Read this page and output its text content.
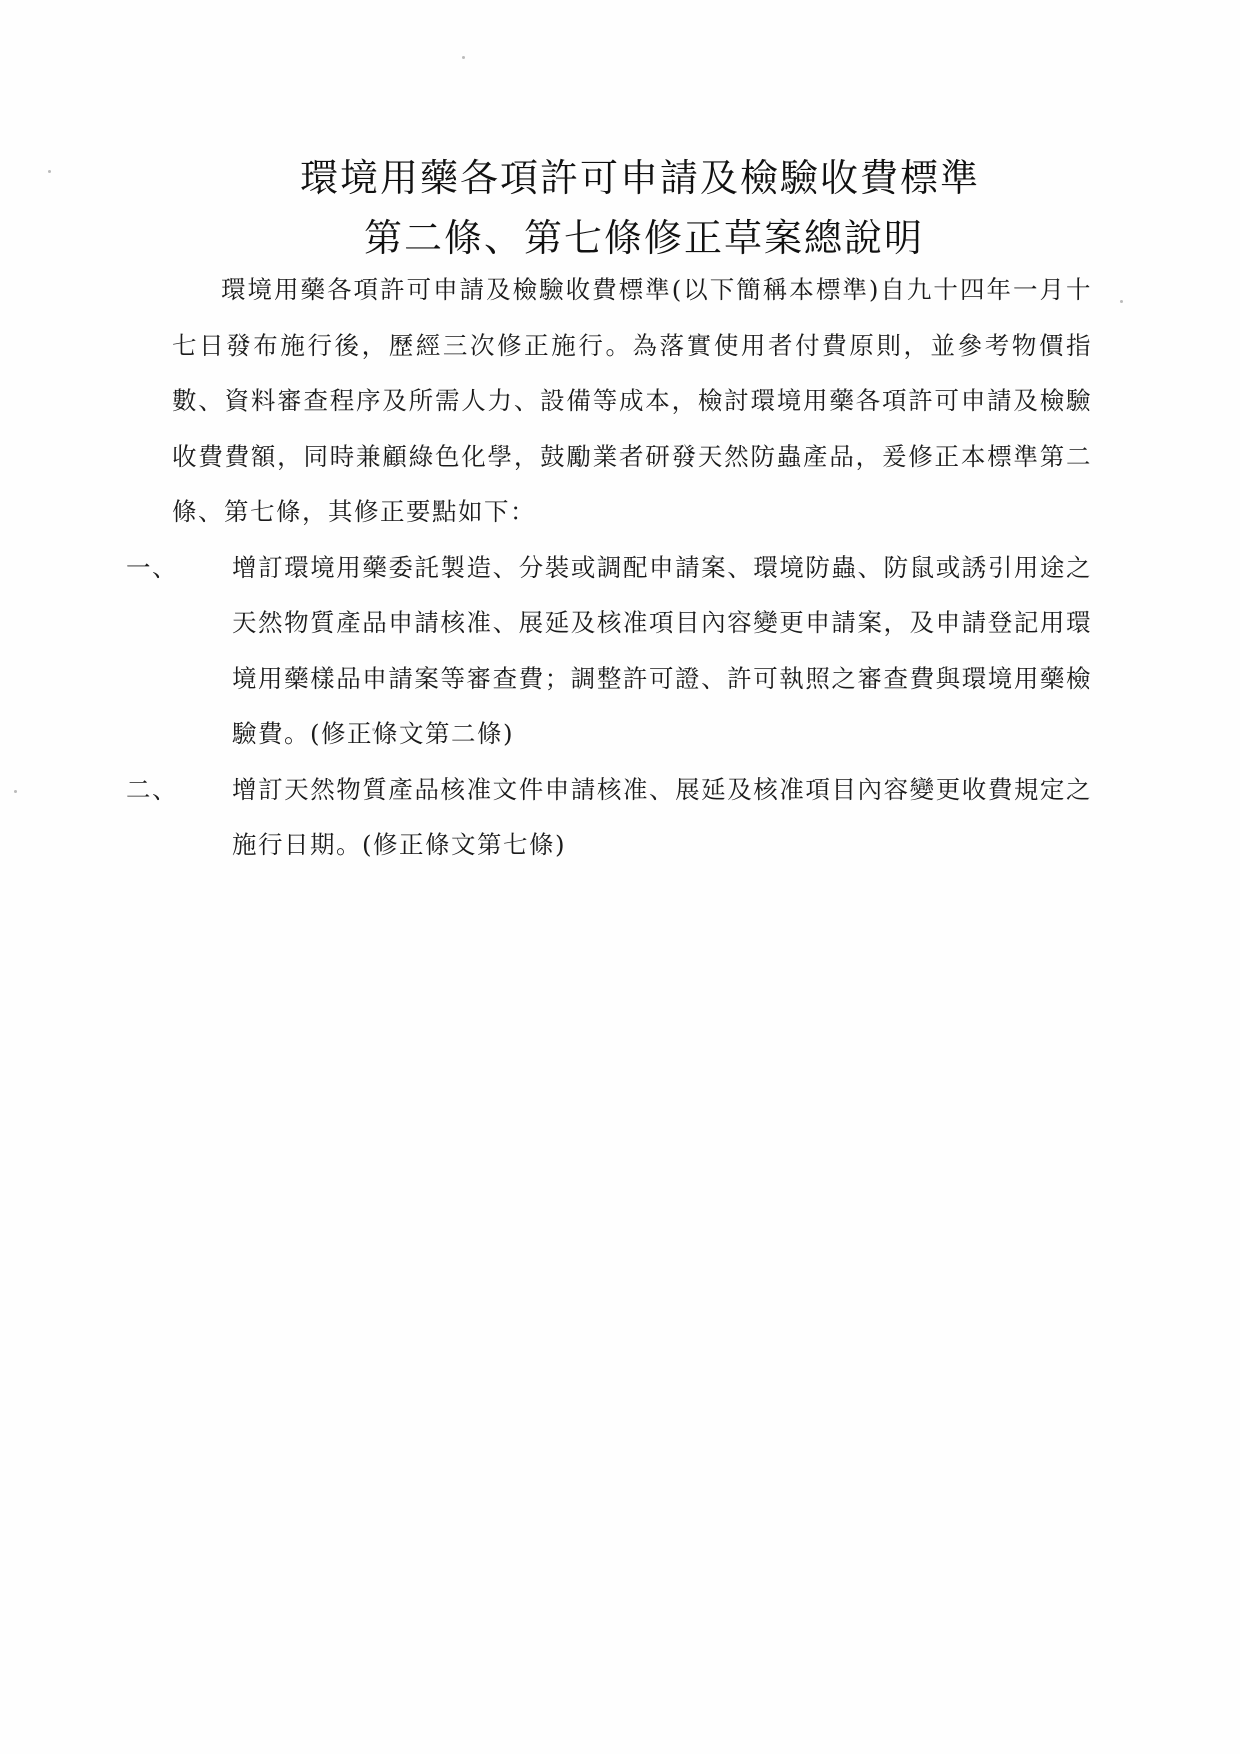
環境用藥各項許可申請及檢驗收費標準
第二條、第七條修正草案總說明

環境用藥各項許可申請及檢驗收費標準(以下簡稱本標準)自九十四年一月十七日發布施行後，歷經三次修正施行。為落實使用者付費原則，並參考物價指數、資料審查程序及所需人力、設備等成本，檢討環境用藥各項許可申請及檢驗收費費額，同時兼顧綠色化學，鼓勵業者研發天然防蟲產品，爰修正本標準第二條、第七條，其修正要點如下：

一、 增訂環境用藥委託製造、分裝或調配申請案、環境防蟲、防鼠或誘引用途之天然物質產品申請核准、展延及核准項目內容變更申請案，及申請登記用環境用藥樣品申請案等審查費；調整許可證、許可執照之審查費與環境用藥檢驗費。(修正條文第二條)

二、 增訂天然物質產品核准文件申請核准、展延及核准項目內容變更收費規定之施行日期。(修正條文第七條)
